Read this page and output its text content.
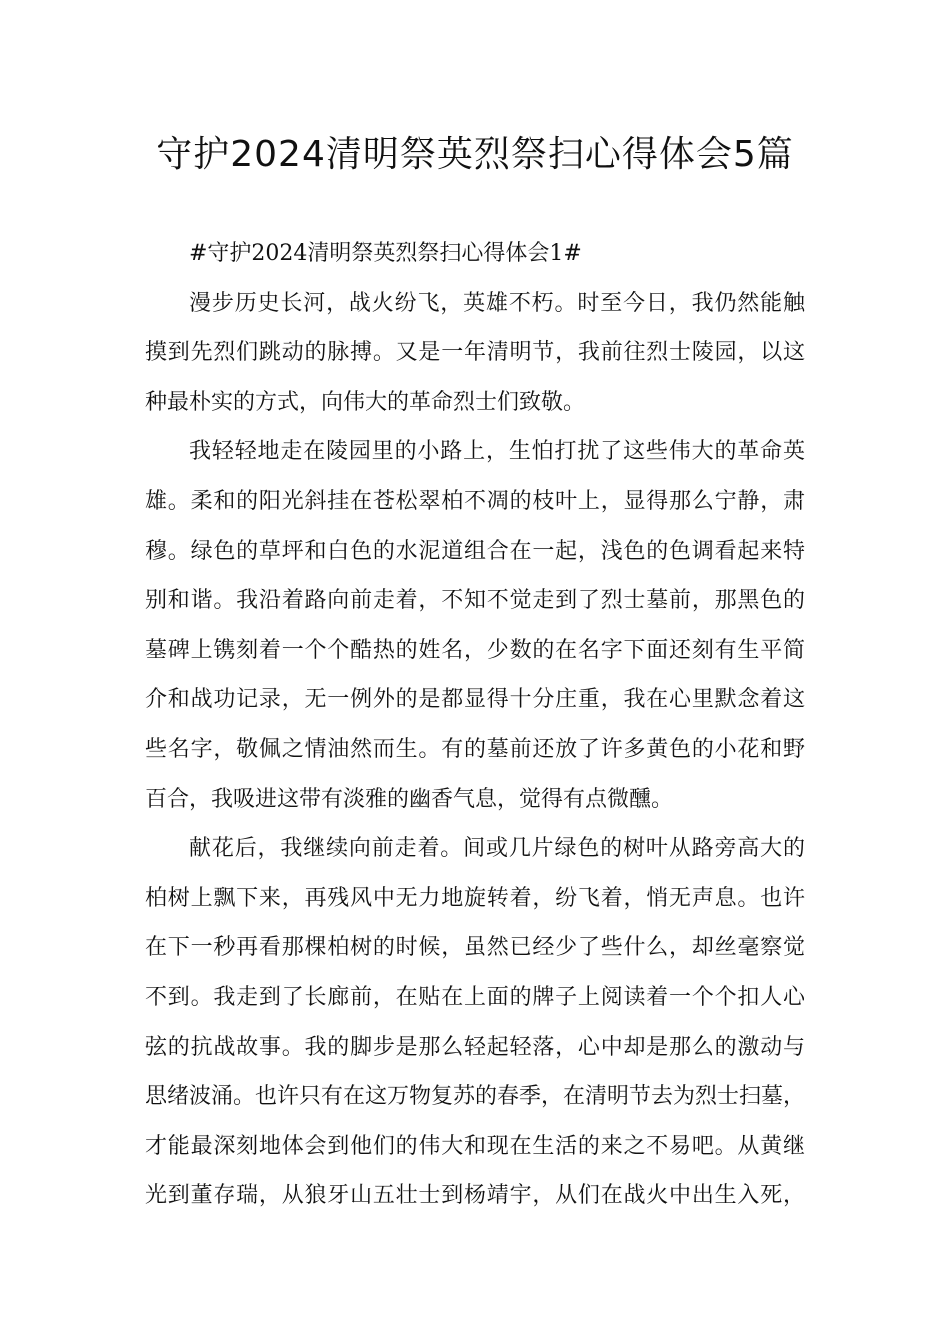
守护2024清明祭英烈祭扫心得体会5篇
#守护2024清明祭英烈祭扫心得体会1#
漫步历史长河，战火纷飞，英雄不朽。时至今日，我仍然能触
摸到先烈们跳动的脉搏。又是一年清明节，我前往烈士陵园，以这
种最朴实的方式，向伟大的革命烈士们致敬。
我轻轻地走在陵园里的小路上，生怕打扰了这些伟大的革命英
雄。柔和的阳光斜挂在苍松翠柏不凋的枝叶上，显得那么宁静，肃
穆。绿色的草坪和白色的水泥道组合在一起，浅色的色调看起来特
别和谐。我沿着路向前走着，不知不觉走到了烈士墓前，那黑色的
墓碑上镌刻着一个个酷热的姓名，少数的在名字下面还刻有生平简
介和战功记录，无一例外的是都显得十分庄重，我在心里默念着这
些名字，敬佩之情油然而生。有的墓前还放了许多黄色的小花和野
百合，我吸进这带有淡雅的幽香气息，觉得有点微醺。
献花后，我继续向前走着。间或几片绿色的树叶从路旁高大的
柏树上飘下来，再残风中无力地旋转着，纷飞着，悄无声息。也许
在下一秒再看那棵柏树的时候，虽然已经少了些什么，却丝毫察觉
不到。我走到了长廊前，在贴在上面的牌子上阅读着一个个扣人心
弦的抗战故事。我的脚步是那么轻起轻落，心中却是那么的激动与
思绪波涌。也许只有在这万物复苏的春季，在清明节去为烈士扫墓，
才能最深刻地体会到他们的伟大和现在生活的来之不易吧。从黄继
光到董存瑞，从狼牙山五壮士到杨靖宇，从们在战火中出生入死，
